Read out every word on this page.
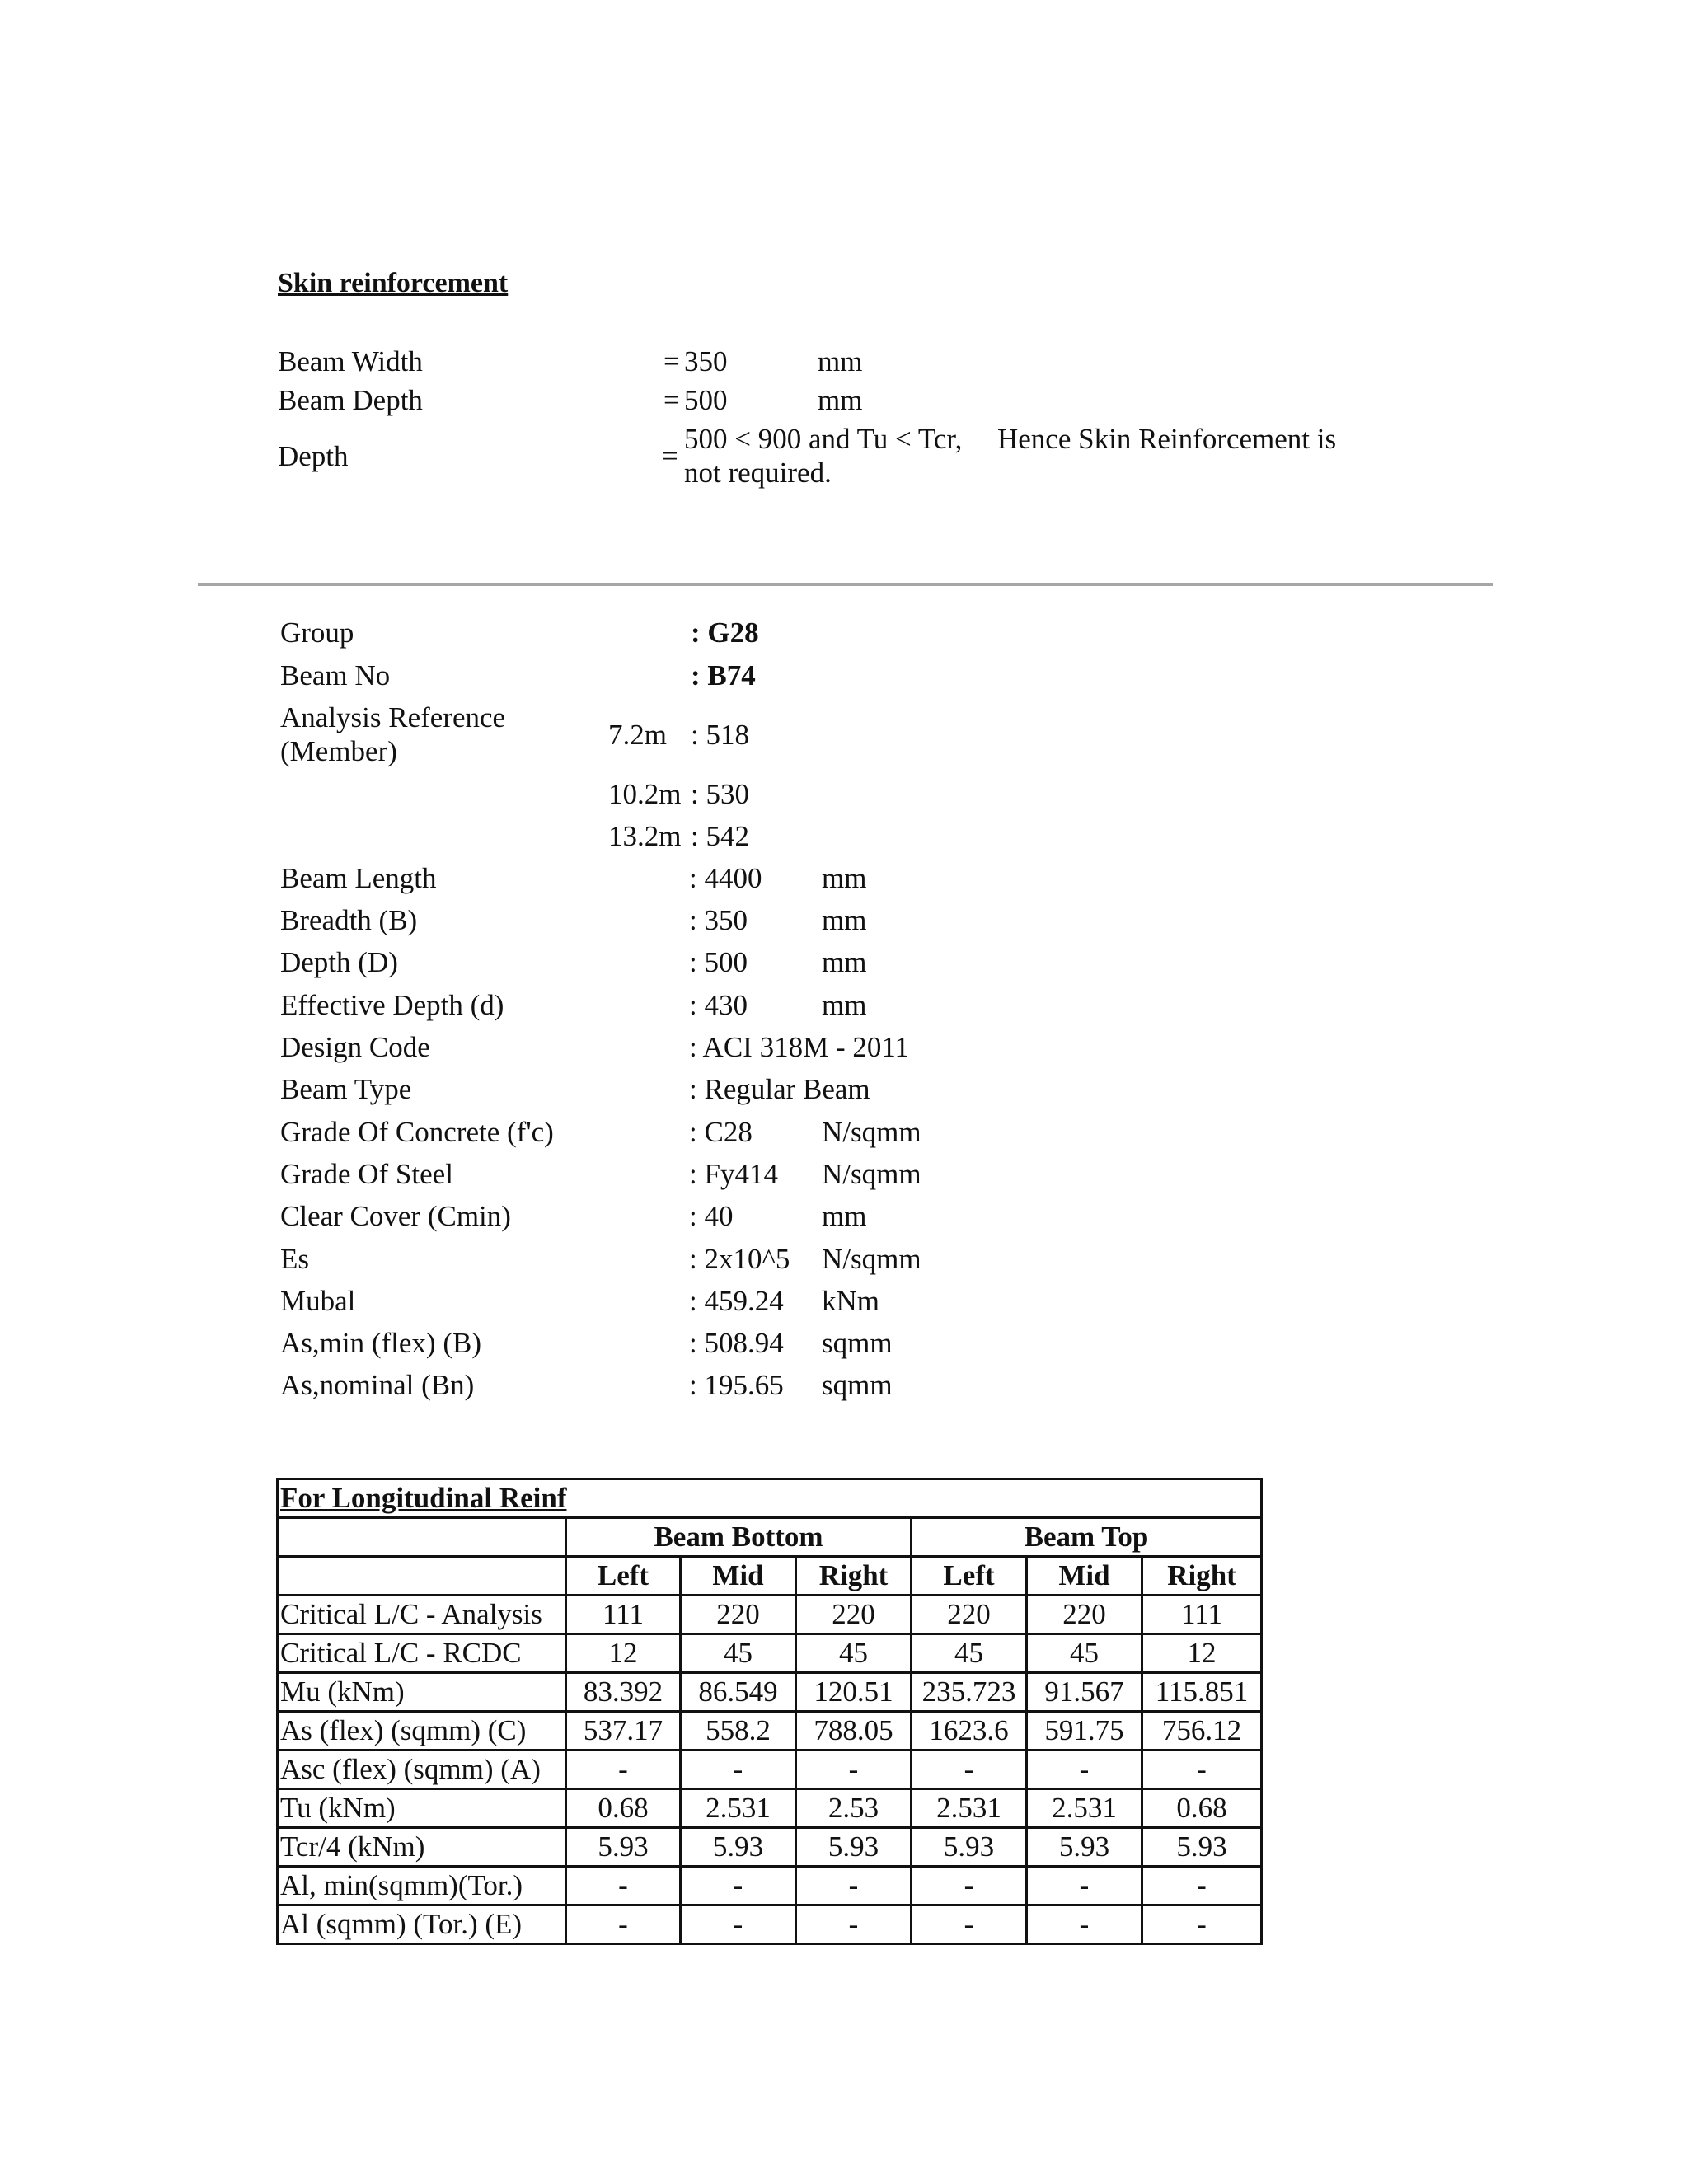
Skin reinforcement
Beam Width	= 350	mm
Beam Depth	= 500	mm
Depth	=
500 < 900 and Tu < Tcr, Hence Skin Reinforcement is
not required.
Group	: G28
Beam No	: B74
Analysis Reference
(Member)
7.2m : 518
10.2m : 530
13.2m : 542
Beam Length	: 4400 mm
Breadth (B)	: 350	mm
Depth (D)	: 500	mm
Effective Depth (d)	: 430	mm
Design Code	: ACI 318M - 2011
Beam Type	: Regular Beam
Grade Of Concrete (f'c)	: C28 N/sqmm
Grade Of Steel	: Fy414 N/sqmm
Clear Cover (Cmin)	: 40	mm
Es	: 2x10^5 N/sqmm
Mubal	: 459.24 kNm
As,min (flex) (B)	: 508.94 sqmm
As,nominal (Bn)	: 195.65 sqmm
For Longitudinal Reinf						
	Beam Bottom			Beam Top		
	Left	Mid	Right	Left	Mid	Right
Critical L/C - Analysis	111	220	220	220	220	111
Critical L/C - RCDC	12	45	45	45	45	12
Mu (kNm)	83.392	86.549	120.51	235.723	91.567	115.851
As (flex) (sqmm) (C)	537.17	558.2	788.05	1623.6	591.75	756.12
Asc (flex) (sqmm) (A)	-	-	-	-	-	-
Tu (kNm)	0.68	2.531	2.53	2.531	2.531	0.68
Tcr/4 (kNm)	5.93	5.93	5.93	5.93	5.93	5.93
Al, min(sqmm)(Tor.)	-	-	-	-	-	-
Al (sqmm) (Tor.) (E)	-	-	-	-	-	-
